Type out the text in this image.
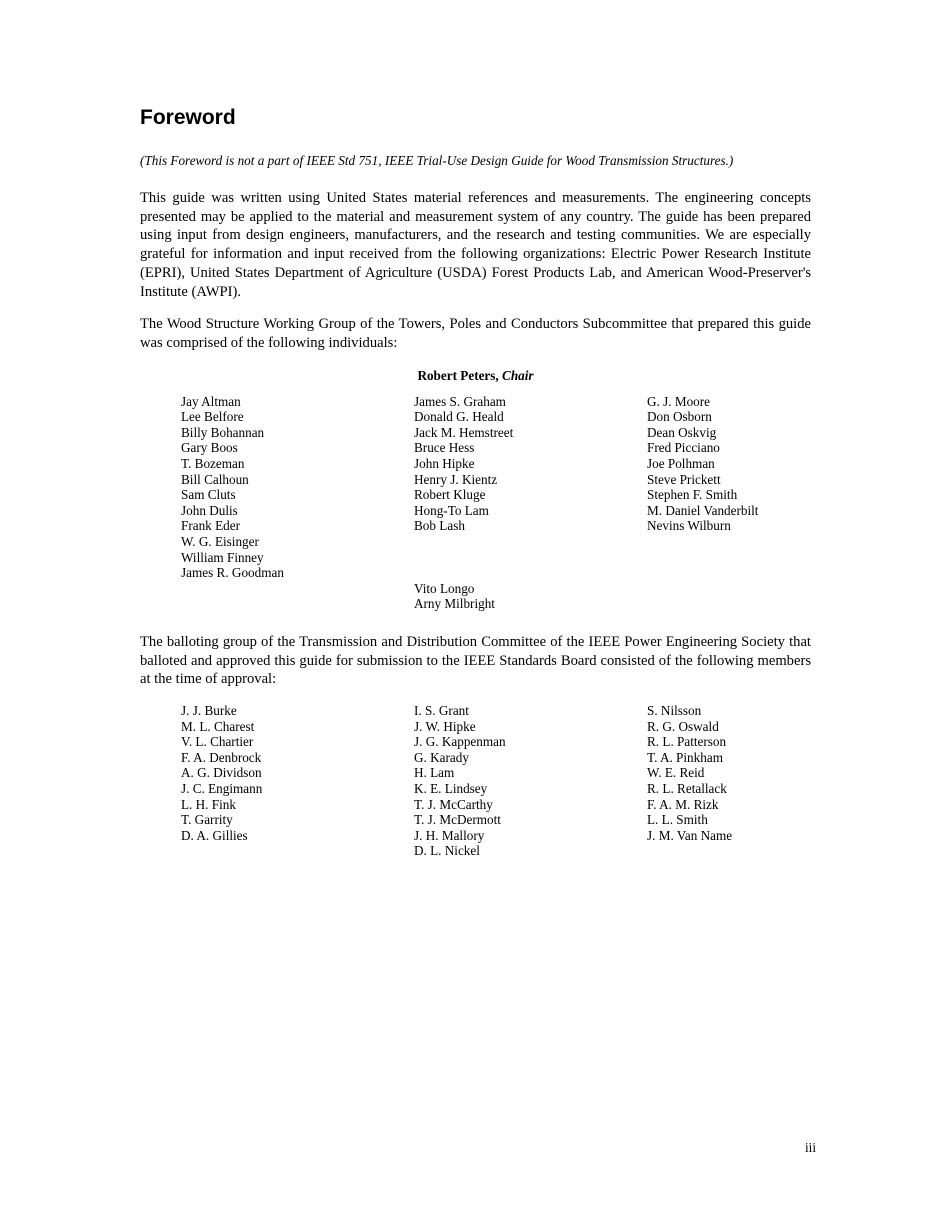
Foreword

(This Foreword is not a part of IEEE Std 751, IEEE Trial-Use Design Guide for Wood Transmission Structures.)

This guide was written using United States material references and measurements. The engineering concepts presented may be applied to the material and measurement system of any country. The guide has been prepared using input from design engineers, manufacturers, and the research and testing communities. We are especially grateful for information and input received from the following organizations: Electric Power Research Institute (EPRI), United States Department of Agriculture (USDA) Forest Products Lab, and American Wood-Preserver's Institute (AWPI).

The Wood Structure Working Group of the Towers, Poles and Conductors Subcommittee that prepared this guide was comprised of the following individuals:

Robert Peters, Chair
Jay Altman
Lee Belfore
Billy Bohannan
Gary Boos
T. Bozeman
Bill Calhoun
Sam Cluts
John Dulis
Frank Eder
W. G. Eisinger
William Finney
James R. Goodman
James S. Graham
Donald G. Heald
Jack M. Hemstreet
Bruce Hess
John Hipke
Henry J. Kientz
Robert Kluge
Hong-To Lam
Bob Lash
Vito Longo
Arny Milbright
G. J. Moore
Don Osborn
Dean Oskvig
Fred Picciano
Joe Polhman
Steve Prickett
Stephen F. Smith
M. Daniel Vanderbilt
Nevins Wilburn

The balloting group of the Transmission and Distribution Committee of the IEEE Power Engineering Society that balloted and approved this guide for submission to the IEEE Standards Board consisted of the following members at the time of approval:

J. J. Burke
M. L. Charest
V. L. Chartier
F. A. Denbrock
A. G. Dividson
J. C. Engimann
L. H. Fink
T. Garrity
D. A. Gillies
I. S. Grant
J. W. Hipke
J. G. Kappenman
G. Karady
H. Lam
K. E. Lindsey
T. J. McCarthy
T. J. McDermott
J. H. Mallory
D. L. Nickel
S. Nilsson
R. G. Oswald
R. L. Patterson
T. A. Pinkham
W. E. Reid
R. L. Retallack
F. A. M. Rizk
L. L. Smith
J. M. Van Name
iii
